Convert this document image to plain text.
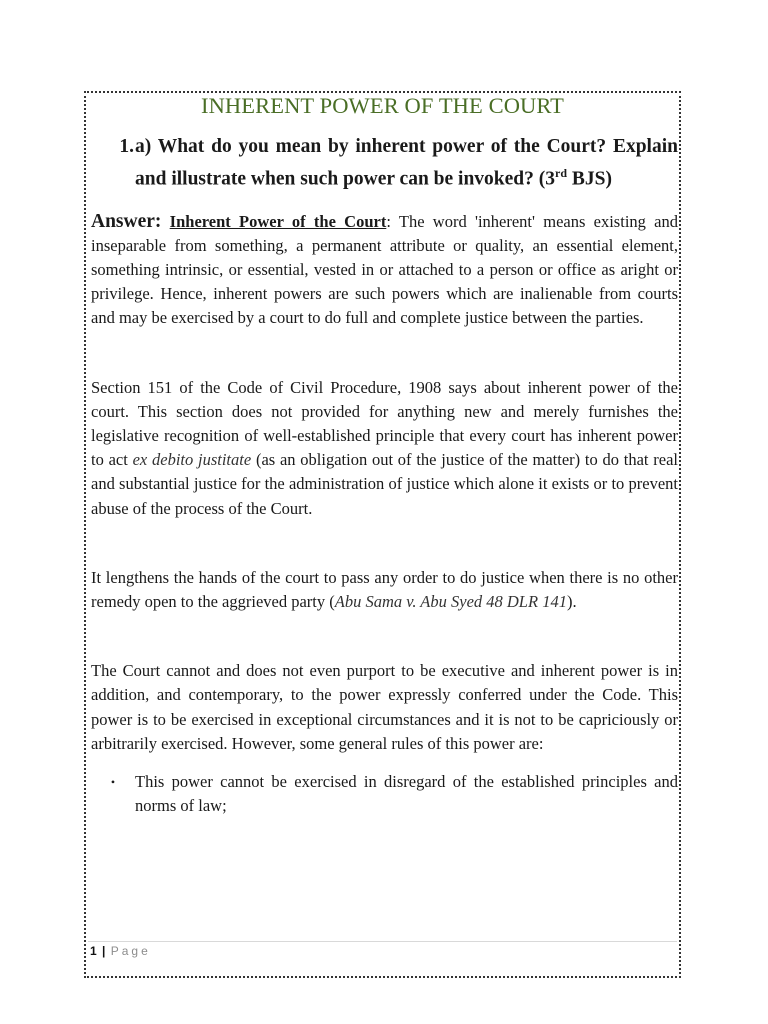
INHERENT POWER OF THE COURT
1. a) What do you mean by inherent power of the Court? Explain and illustrate when such power can be invoked? (3rd BJS)

Answer: Inherent Power of the Court: The word 'inherent' means existing and inseparable from something, a permanent attribute or quality, an essential element, something intrinsic, or essential, vested in or attached to a person or office as aright or privilege. Hence, inherent powers are such powers which are inalienable from courts and may be exercised by a court to do full and complete justice between the parties.

Section 151 of the Code of Civil Procedure, 1908 says about inherent power of the court. This section does not provided for anything new and merely furnishes the legislative recognition of well-established principle that every court has inherent power to act ex debito justitate (as an obligation out of the justice of the matter) to do that real and substantial justice for the administration of justice which alone it exists or to prevent abuse of the process of the Court.

It lengthens the hands of the court to pass any order to do justice when there is no other remedy open to the aggrieved party (Abu Sama v. Abu Syed 48 DLR 141).

The Court cannot and does not even purport to be executive and inherent power is in addition, and contemporary, to the power expressly conferred under the Code. This power is to be exercised in exceptional circumstances and it is not to be capriciously or arbitrarily exercised. However, some general rules of this power are:

•	This power cannot be exercised in disregard of the established principles and norms of law;
1 | Page
